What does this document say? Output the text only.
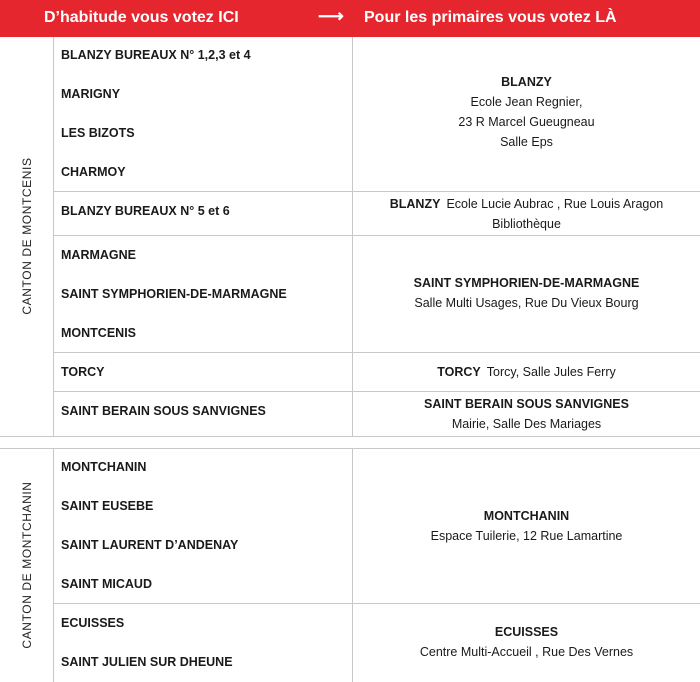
D’habitude vous votez ICI	⟶ Pour les primaires vous votez LÀ
CANTON DE MONTCENIS
CANTON DE MONTCHANIN
BLANZY BUREAUX N° 1,2,3 et 4
MARIGNY
LES BIZOTS
CHARMOY
BLANZY BUREAUX N° 5 et 6
MARMAGNE
SAINT SYMPHORIEN-DE-MARMAGNE
MONTCENIS
TORCY
SAINT BERAIN SOUS SANVIGNES
MONTCHANIN
SAINT EUSEBE
SAINT LAURENT D’ANDENAY
SAINT MICAUD
ECUISSES
SAINT JULIEN SUR DHEUNE
BLANZY
Ecole Jean Regnier,
23 R Marcel Gueugneau
Salle Eps
BLANZY Ecole Lucie Aubrac , Rue Louis Aragon
Bibliothèque
SAINT SYMPHORIEN-DE-MARMAGNE
Salle Multi Usages, Rue Du Vieux Bourg
TORCY Torcy, Salle Jules Ferry
SAINT BERAIN SOUS SANVIGNES
Mairie, Salle Des Mariages
MONTCHANIN
Espace Tuilerie, 12 Rue Lamartine
ECUISSES
Centre Multi-Accueil , Rue Des Vernes
